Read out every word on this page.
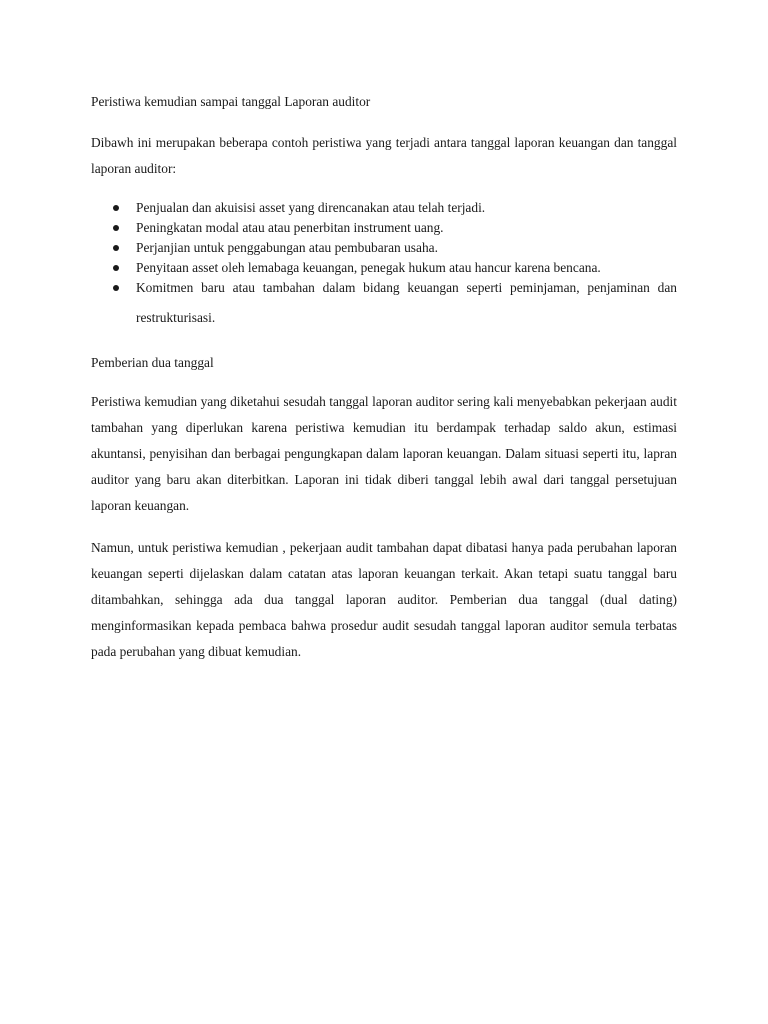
Peristiwa kemudian sampai tanggal Laporan auditor

Dibawh ini merupakan beberapa contoh peristiwa yang terjadi antara tanggal laporan keuangan dan tanggal laporan auditor:

Penjualan dan akuisisi asset yang direncanakan atau telah terjadi.
Peningkatan modal atau atau penerbitan instrument uang.
Perjanjian untuk penggabungan atau pembubaran usaha.
Penyitaan asset oleh lemabaga keuangan, penegak hukum atau hancur karena bencana.
Komitmen baru atau tambahan dalam bidang keuangan seperti peminjaman, penjaminan dan restrukturisasi.
Pemberian dua tanggal

Peristiwa kemudian yang diketahui sesudah tanggal laporan auditor sering kali menyebabkan pekerjaan audit tambahan yang diperlukan karena peristiwa kemudian itu berdampak terhadap saldo akun, estimasi akuntansi, penyisihan dan berbagai pengungkapan dalam laporan keuangan. Dalam situasi seperti itu, lapran auditor yang baru akan diterbitkan. Laporan ini tidak diberi tanggal lebih awal dari tanggal persetujuan laporan keuangan.

Namun, untuk peristiwa kemudian , pekerjaan audit tambahan dapat dibatasi hanya pada perubahan laporan keuangan seperti dijelaskan dalam catatan atas laporan keuangan terkait. Akan tetapi suatu tanggal baru ditambahkan, sehingga ada dua tanggal laporan auditor. Pemberian dua tanggal (dual dating) menginformasikan kepada pembaca bahwa prosedur audit sesudah tanggal laporan auditor semula terbatas pada perubahan yang dibuat kemudian.
